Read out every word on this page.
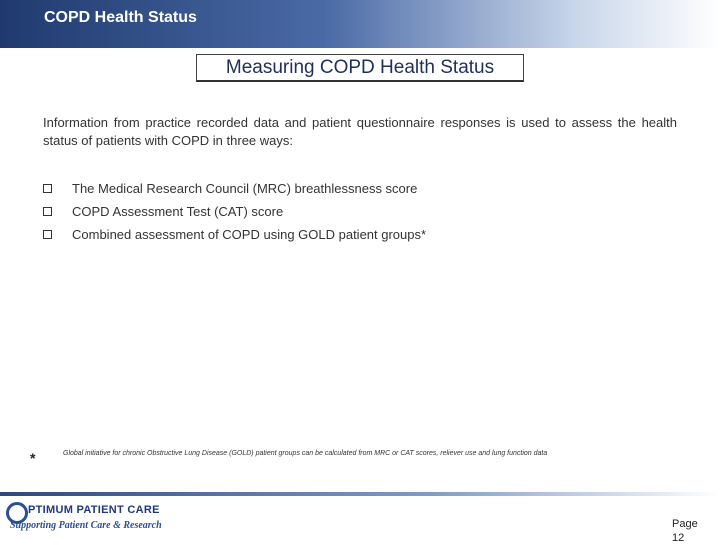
COPD Health Status
Measuring COPD Health Status
Information from practice recorded data and patient questionnaire responses is used to assess the health status of patients with COPD in three ways:
The Medical Research Council (MRC) breathlessness score
COPD Assessment Test (CAT) score
Combined assessment of COPD using GOLD patient groups*
*	Global initiative for chronic Obstructive Lung Disease (GOLD) patient groups can be calculated from MRC or CAT scores, reliever use and lung function data
PTIMUM PATIENT CARE
Supporting Patient Care & Research	Page
12
